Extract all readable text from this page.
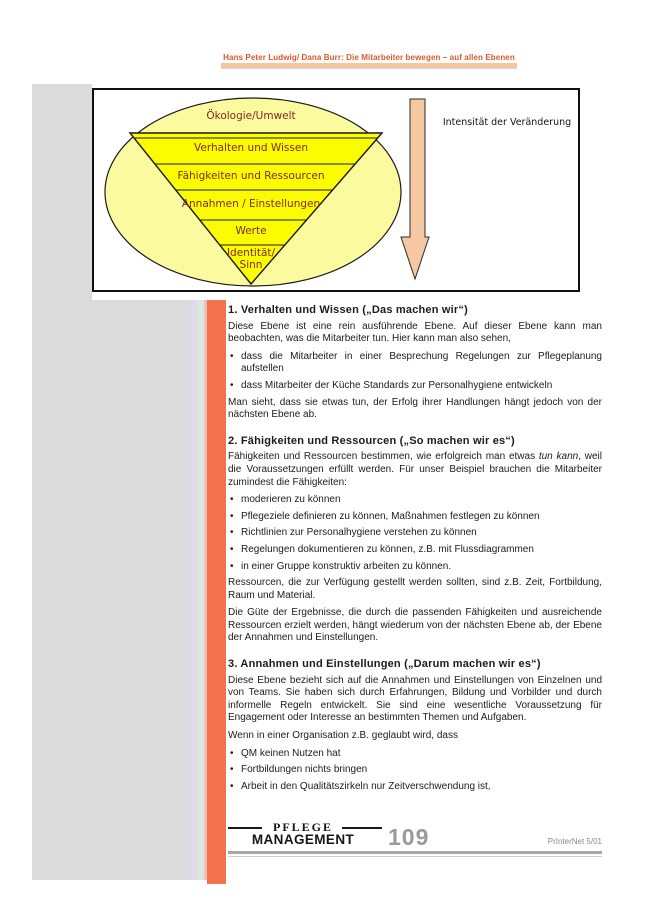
Hans Peter Ludwig/ Dana Burr: Die Mitarbeiter bewegen – auf allen Ebenen
Ökologie/Umwelt
Verhalten und Wissen
Fähigkeiten und Ressourcen
Annahmen / Einstellungen
Werte
Identität/
Sinn
Intensität der Veränderung
1. Verhalten und Wissen („Das machen wir“)

Diese Ebene ist eine rein ausführende Ebene. Auf dieser Ebene kann man beobachten, was die Mitarbeiter tun. Hier kann man also sehen,

• dass die Mitarbeiter in einer Besprechung Regelungen zur Pflegeplanung aufstellen
• dass Mitarbeiter der Küche Standards zur Personalhygiene entwickeln

Man sieht, dass sie etwas tun, der Erfolg ihrer Handlungen hängt jedoch von der nächsten Ebene ab.

2. Fähigkeiten und Ressourcen („So machen wir es“)

Fähigkeiten und Ressourcen bestimmen, wie erfolgreich man etwas tun kann, weil die Voraussetzungen erfüllt werden. Für unser Beispiel brauchen die Mitarbeiter zumindest die Fähigkeiten:

• moderieren zu können
• Pflegeziele definieren zu können, Maßnahmen festlegen zu können
• Richtlinien zur Personalhygiene verstehen zu können
• Regelungen dokumentieren zu können, z.B. mit Flussdiagrammen
• in einer Gruppe konstruktiv arbeiten zu können.

Ressourcen, die zur Verfügung gestellt werden sollten, sind z.B. Zeit, Fortbildung, Raum und Material.

Die Güte der Ergebnisse, die durch die passenden Fähigkeiten und ausreichende Ressourcen erzielt werden, hängt wiederum von der nächsten Ebene ab, der Ebene der Annahmen und Einstellungen.

3. Annahmen und Einstellungen („Darum machen wir es“)

Diese Ebene bezieht sich auf die Annahmen und Einstellungen von Einzelnen und von Teams. Sie haben sich durch Erfahrungen, Bildung und Vorbilder und durch informelle Regeln entwickelt. Sie sind eine wesentliche Voraussetzung für Engagement oder Interesse an bestimmten Themen und Aufgaben.

Wenn in einer Organisation z.B. geglaubt wird, dass

• QM keinen Nutzen hat
• Fortbildungen nichts bringen
• Arbeit in den Qualitätszirkeln nur Zeitverschwendung ist,
PFLEGE
MANAGEMENT	109	PrInterNet 5/01
